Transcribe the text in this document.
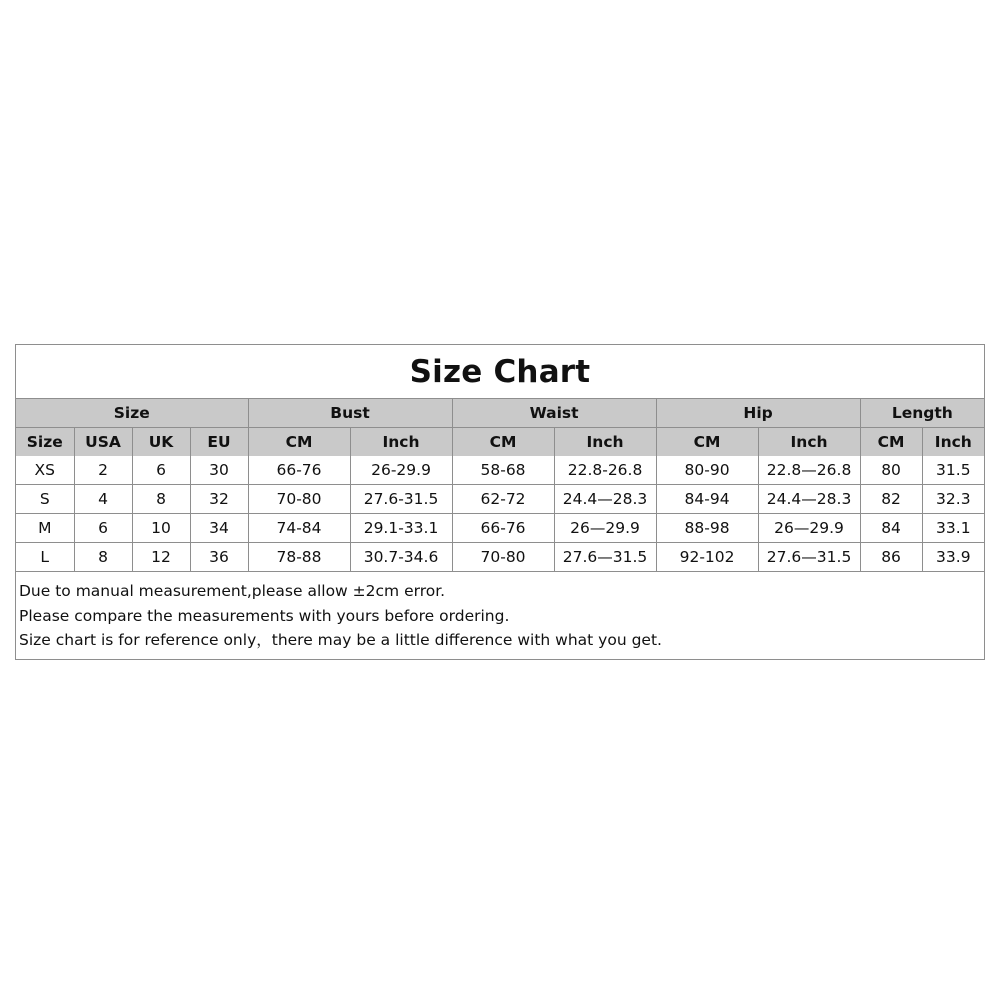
Size Chart
Size				Bust		Waist		Hip		Length	
Size	USA	UK	EU	CM	Inch	CM	Inch	CM	Inch	CM	Inch
XS	2	6	30	66-76	26-29.9	58-68	22.8-26.8	80-90	22.8—26.8	80	31.5
S	4	8	32	70-80	27.6-31.5	62-72	24.4—28.3	84-94	24.4—28.3	82	32.3
M	6	10	34	74-84	29.1-33.1	66-76	26—29.9	88-98	26—29.9	84	33.1
L	8	12	36	78-88	30.7-34.6	70-80	27.6—31.5	92-102	27.6—31.5	86	33.9
Due to manual measurement,please allow ±2cm error.
Please compare the measurements with yours before ordering.
Size chart is for reference only，there may be a little difference with what you get.
